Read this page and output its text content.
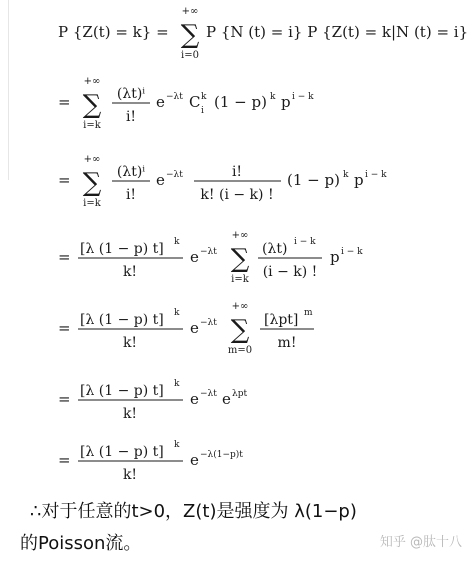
P {Z(t) = k} =
+∞
∑
i=0
P {N (t) = i} P {Z(t) = k|N (t) = i}
=
+∞
∑
i=k
(λt)ⁱ
i!
e −λt C k
i (1 − p) k p i − k
=
+∞
∑
i=k
(λt)ⁱ
i!
e −λt	i!
k! (i − k) !
(1 − p) k p i − k
= [λ (1 − p) t] k
k!
e −λt
+∞
∑
i=k
(λt) i − k
(i − k) !
p i − k
= [λ (1 − p) t] k
k!
e −λt
+∞
∑
m=0
[λpt] m
m!
= [λ (1 − p) t] k
k!
e −λt e λpt
= [λ (1 − p) t] k
k!
e −λ(1−p)t
∴对于任意的t>0，Z(t)是强度为 λ(1−p)
的Poisson流。	知乎 @肽十八
